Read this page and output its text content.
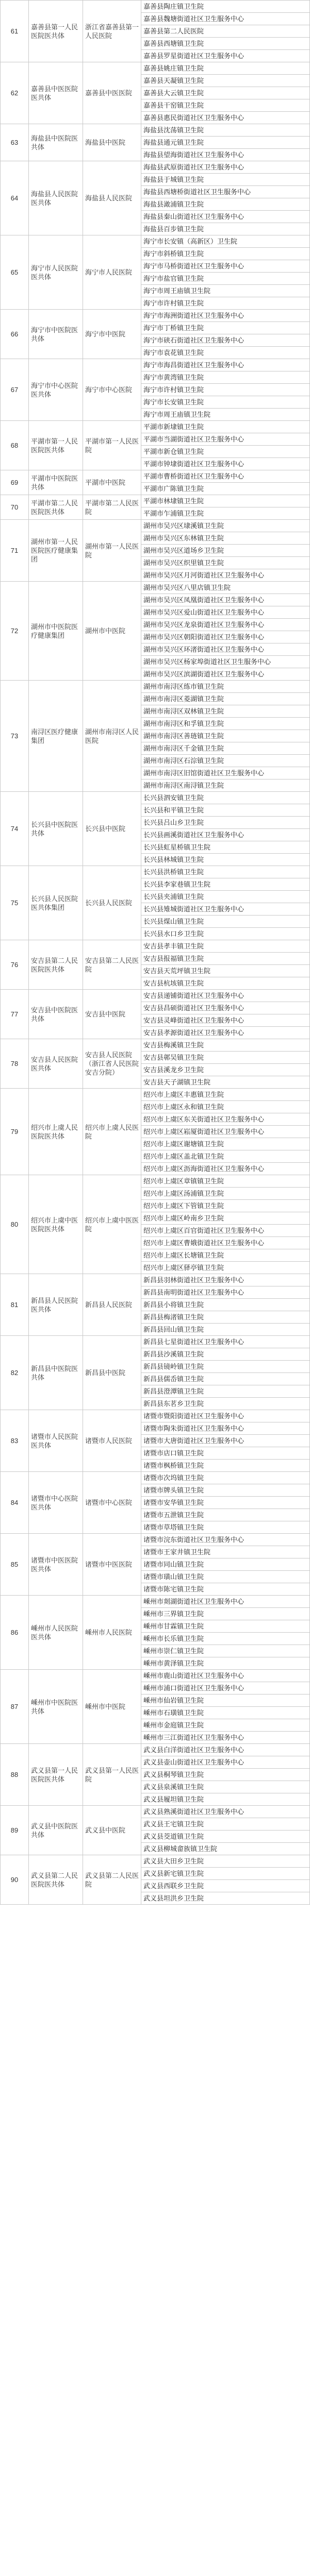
61	嘉善县第一人民医院医共体	浙江省嘉善县第一人民医院	嘉善县陶庄镇卫生院
			嘉善县魏塘街道社区卫生服务中心
			嘉善县第二人民医院
			嘉善县西塘镇卫生院
			嘉善县罗星街道社区卫生服务中心
62	嘉善县中医医院医共体	嘉善县中医医院	嘉善县姚庄镇卫生院
			嘉善县天凝镇卫生院
			嘉善县大云镇卫生院
			嘉善县干窑镇卫生院
			嘉善县惠民街道社区卫生服务中心
63	海盐县中医院医共体	海盐县中医院	海盐县沈荡镇卫生院
			海盐县通元镇卫生院
			海盐县望海街道社区卫生服务中心
64	海盐县人民医院医共体	海盐县人民医院	海盐县武原街道社区卫生服务中心
			海盐县于城镇卫生院
			海盐县西塘桥街道社区卫生服务中心
			海盐县澉浦镇卫生院
			海盐县秦山街道社区卫生服务中心
			海盐县百步镇卫生院
65	海宁市人民医院医共体	海宁市人民医院	海宁市长安镇（高新区）卫生院
			海宁市斜桥镇卫生院
			海宁市马桥街道社区卫生服务中心
			海宁市盐官镇卫生院
			海宁市周王庙镇卫生院
			海宁市许村镇卫生院
66	海宁市中医院医共体	海宁市中医院	海宁市海洲街道社区卫生服务中心
			海宁市丁桥镇卫生院
			海宁市硖石街道社区卫生服务中心
			海宁市袁花镇卫生院
67	海宁市中心医院医共体	海宁市中心医院	海宁市海昌街道社区卫生服务中心
			海宁市黄湾镇卫生院
			海宁市许村镇卫生院
			海宁市长安镇卫生院
			海宁市周王庙镇卫生院
68	平湖市第一人民医院医共体	平湖市第一人民医院	平湖市新埭镇卫生院
			平湖市当湖街道社区卫生服务中心
			平湖市新仓镇卫生院
			平湖市钟埭街道社区卫生服务中心
69	平湖市中医院医共体	平湖市中医院	平湖市曹桥街道社区卫生服务中心
			平湖市广陈镇卫生院
70	平湖市第二人民医院医共体	平湖市第二人民医院	平湖市林埭镇卫生院
			平湖市乍浦镇卫生院
71	湖州市第一人民医院医疗健康集团	湖州市第一人民医院	湖州市吴兴区埭溪镇卫生院
			湖州市吴兴区东林镇卫生院
			湖州市吴兴区道场乡卫生院
			湖州市吴兴区织里镇卫生院
			湖州市吴兴区月河街道社区卫生服务中心
72	湖州市中医院医疗健康集团	湖州市中医院	湖州市吴兴区八里店镇卫生院
			湖州市吴兴区凤凰街道社区卫生服务中心
			湖州市吴兴区爱山街道社区卫生服务中心
			湖州市吴兴区龙泉街道社区卫生服务中心
			湖州市吴兴区朝阳街道社区卫生服务中心
			湖州市吴兴区环渚街道社区卫生服务中心
			湖州市吴兴区杨家埠街道社区卫生服务中心
			湖州市吴兴区滨湖街道社区卫生服务中心
73	南浔区医疗健康集团	湖州市南浔区人民医院	湖州市南浔区练市镇卫生院
			湖州市南浔区菱湖镇卫生院
			湖州市南浔区双林镇卫生院
			湖州市南浔区和孚镇卫生院
			湖州市南浔区善琏镇卫生院
			湖州市南浔区千金镇卫生院
			湖州市南浔区石淙镇卫生院
			湖州市南浔区旧馆街道社区卫生服务中心
			湖州市南浔区南浔镇卫生院
74	长兴县中医院医共体	长兴县中医院	长兴县泗安镇卫生院
			长兴县和平镇卫生院
			长兴县吕山乡卫生院
			长兴县画溪街道社区卫生服务中心
			长兴县虹星桥镇卫生院
			长兴县林城镇卫生院
75	长兴县人民医院医共体集团	长兴县人民医院	长兴县洪桥镇卫生院
			长兴县李家巷镇卫生院
			长兴县夹浦镇卫生院
			长兴县雉城街道社区卫生服务中心
			长兴县煤山镇卫生院
			长兴县水口乡卫生院
76	安吉县第二人民医院医共体	安吉县第二人民医院	安吉县孝丰镇卫生院
			安吉县报福镇卫生院
			安吉县天荒坪镇卫生院
			安吉县杭垓镇卫生院
77	安吉县中医院医共体	安吉县中医院	安吉县递铺街道社区卫生服务中心
			安吉县昌硕街道社区卫生服务中心
			安吉县灵峰街道社区卫生服务中心
			安吉县孝源街道社区卫生服务中心
78	安吉县人民医院医共体	安吉县人民医院（浙江省人民医院安吉分院）	安吉县梅溪镇卫生院
			安吉县鄣吴镇卫生院
			安吉县溪龙乡卫生院
			安吉县天子湖镇卫生院
79	绍兴市上虞人民医院医共体	绍兴市上虞人民医院	绍兴市上虞区丰惠镇卫生院
			绍兴市上虞区永和镇卫生院
			绍兴市上虞区东关街道社区卫生服务中心
			绍兴市上虞区崧厦街道社区卫生服务中心
			绍兴市上虞区谢塘镇卫生院
			绍兴市上虞区盖北镇卫生院
			绍兴市上虞区沥海街道社区卫生服务中心
80	绍兴市上虞中医医院医共体	绍兴市上虞中医医院	绍兴市上虞区章镇镇卫生院
			绍兴市上虞区汤浦镇卫生院
			绍兴市上虞区下管镇卫生院
			绍兴市上虞区岭南乡卫生院
			绍兴市上虞区百官街道社区卫生服务中心
			绍兴市上虞区曹娥街道社区卫生服务中心
			绍兴市上虞区长塘镇卫生院
			绍兴市上虞区驿亭镇卫生院
81	新昌县人民医院医共体	新昌县人民医院	新昌县羽林街道社区卫生服务中心
			新昌县南明街道社区卫生服务中心
			新昌县小将镇卫生院
			新昌县梅渚镇卫生院
			新昌县回山镇卫生院
82	新昌县中医院医共体	新昌县中医院	新昌县七星街道社区卫生服务中心
			新昌县沙溪镇卫生院
			新昌县镜岭镇卫生院
			新昌县儒岙镇卫生院
			新昌县澄潭镇卫生院
			新昌县东茗乡卫生院
83	诸暨市人民医院医共体	诸暨市人民医院	诸暨市暨阳街道社区卫生服务中心
			诸暨市陶朱街道社区卫生服务中心
			诸暨市大唐街道社区卫生服务中心
			诸暨市店口镇卫生院
			诸暨市枫桥镇卫生院
84	诸暨市中心医院医共体	诸暨市中心医院	诸暨市次坞镇卫生院
			诸暨市牌头镇卫生院
			诸暨市安华镇卫生院
			诸暨市五泄镇卫生院
			诸暨市草塔镇卫生院
85	诸暨市中医医院医共体	诸暨市中医医院	诸暨市浣东街道社区卫生服务中心
			诸暨市王家井镇卫生院
			诸暨市同山镇卫生院
			诸暨市璜山镇卫生院
			诸暨市陈宅镇卫生院
86	嵊州市人民医院医共体	嵊州市人民医院	嵊州市剡湖街道社区卫生服务中心
			嵊州市三界镇卫生院
			嵊州市甘霖镇卫生院
			嵊州市长乐镇卫生院
			嵊州市崇仁镇卫生院
			嵊州市黄泽镇卫生院
87	嵊州市中医院医共体	嵊州市中医院	嵊州市鹿山街道社区卫生服务中心
			嵊州市浦口街道社区卫生服务中心
			嵊州市仙岩镇卫生院
			嵊州市石璜镇卫生院
			嵊州市金庭镇卫生院
			嵊州市三江街道社区卫生服务中心
88	武义县第一人民医院医共体	武义县第一人民医院	武义县白洋街道社区卫生服务中心
			武义县壶山街道社区卫生服务中心
			武义县桐琴镇卫生院
			武义县泉溪镇卫生院
			武义县履坦镇卫生院
89	武义县中医院医共体	武义县中医院	武义县熟溪街道社区卫生服务中心
			武义县王宅镇卫生院
			武义县茭道镇卫生院
			武义县柳城畲族镇卫生院
90	武义县第二人民医院医共体	武义县第二人民医院	武义县大田乡卫生院
			武义县新宅镇卫生院
			武义县西联乡卫生院
			武义县坦洪乡卫生院
